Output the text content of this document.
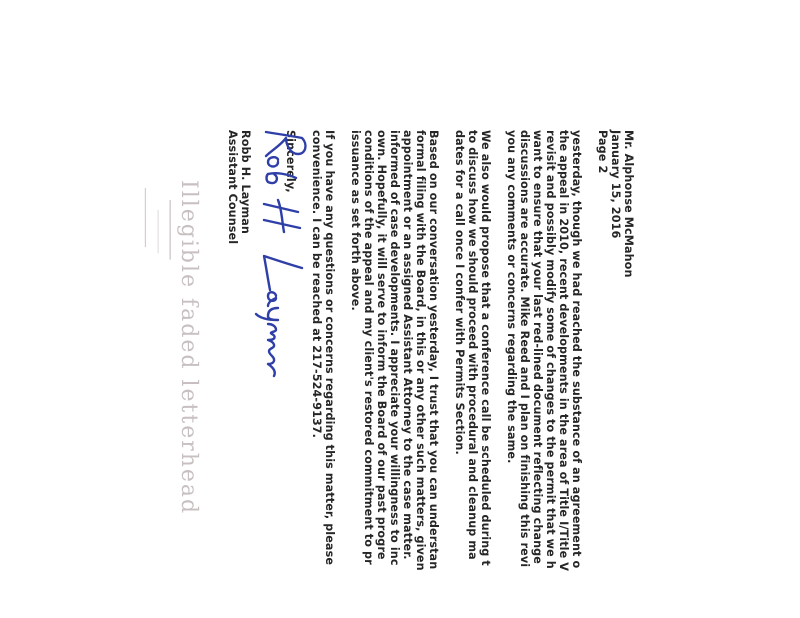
Illegible faded letterhead
━━━━━━━━━━━
────────
━━━━━━━━━━━━━━	Mr. Alphonse McMahon
January 15, 2016
Page 2
yesterday, though we had reached the substance of an agreement o
the appeal in 2010, recent developments in the area of Title I/Title V
revisit and possibly modify some of changes to the permit that we h
want to ensure that your last red-lined document reflecting change
discussions are accurate. Mike Reed and I plan on finishing this revi
you any comments or concerns regarding the same.
We also would propose that a conference call be scheduled during t
to discuss how we should proceed with procedural and cleanup ma
dates for a call once I confer with Permits Section.
Based on our conversation yesterday, I trust that you can understan
formal filing with the Board, in this or any other such matters, given
appointment or an assigned Assistant Attorney to the case matter.
informed of case developments. I appreciate your willingness to inc
own. Hopefully, it will serve to inform the Board of our past progre
conditions of the appeal and my client's restored commitment to pr
issuance as set forth above.
If you have any questions or concerns regarding this matter, please
convenience. I can be reached at 217-524-9137.
Sincerely,
Robb H. Layman
Assistant Counsel
